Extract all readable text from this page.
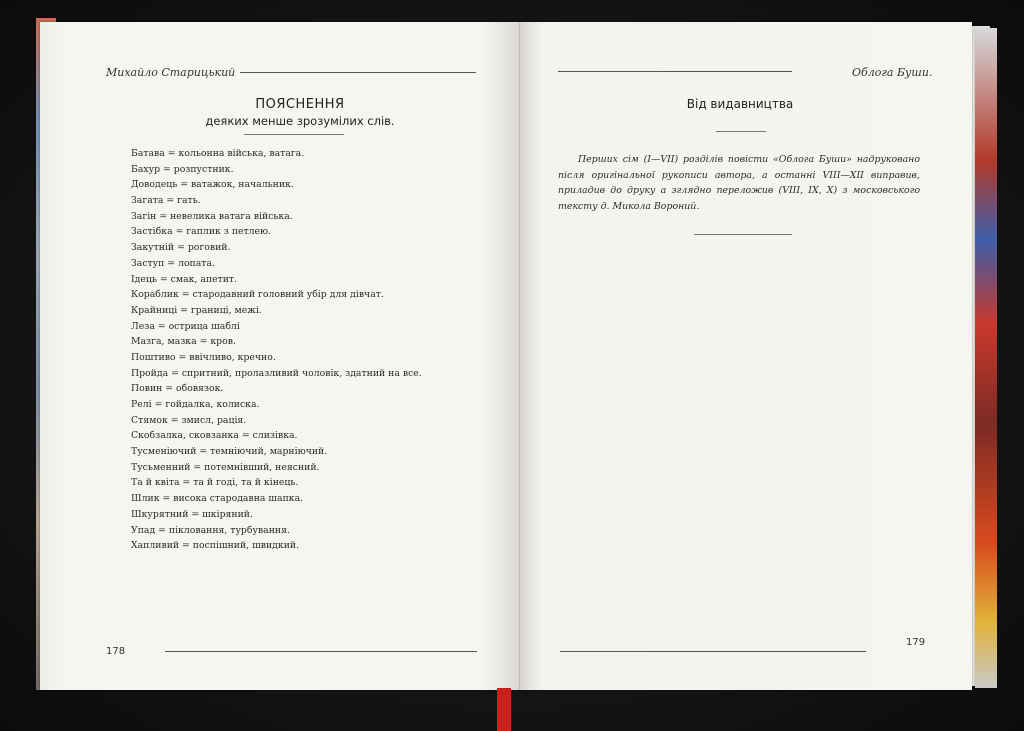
Михайло Старицький
ПОЯСНЕННЯ
деяких менше зрозумілих слів.
Батава = кольонна війська, ватага.
Бахур = розпустник.
Доводець = ватажок, начальник.
Загата = гать.
Загін = невелика ватага війська.
Застібка = гаплик з петлею.
Закутній = роговий.
Заступ = лопата.
Ідець = смак, апетит.
Кораблик = стародавний головний убір для дівчат.
Крайниці = границі, межі.
Леза = острица шаблі
Мазга, мазка = кров.
Поштиво = ввічливо, кречно.
Пройда = спритний, пролазливий чоловік, здатний на все.
Повин = обовязок.
Релі = гойдалка, колиска.
Стямок = змисл, рація.
Скобзалка, сковзанка = слизівка.
Тусменіючий = темніючий, марніючий.
Тусьменний = потемнівший, неясний.
Та й квіта = та й годі, та й кінець.
Шлик = висока стародавна шапка.
Шкурятний = шкіряний.
Упад = пікловання, турбування.
Хапливий = поспішний, швидкий.
178
Облога Буши.
Від видавництва

Перших сім (I—VII) розділів повісти «Облога Буши» надруковано після оригінальної рукописи автора, а останні VIII—XII виправив, приладив до друку а згляднo переложив (VIII, IX, X) з московського тексту д. Микола Вороний.

179
